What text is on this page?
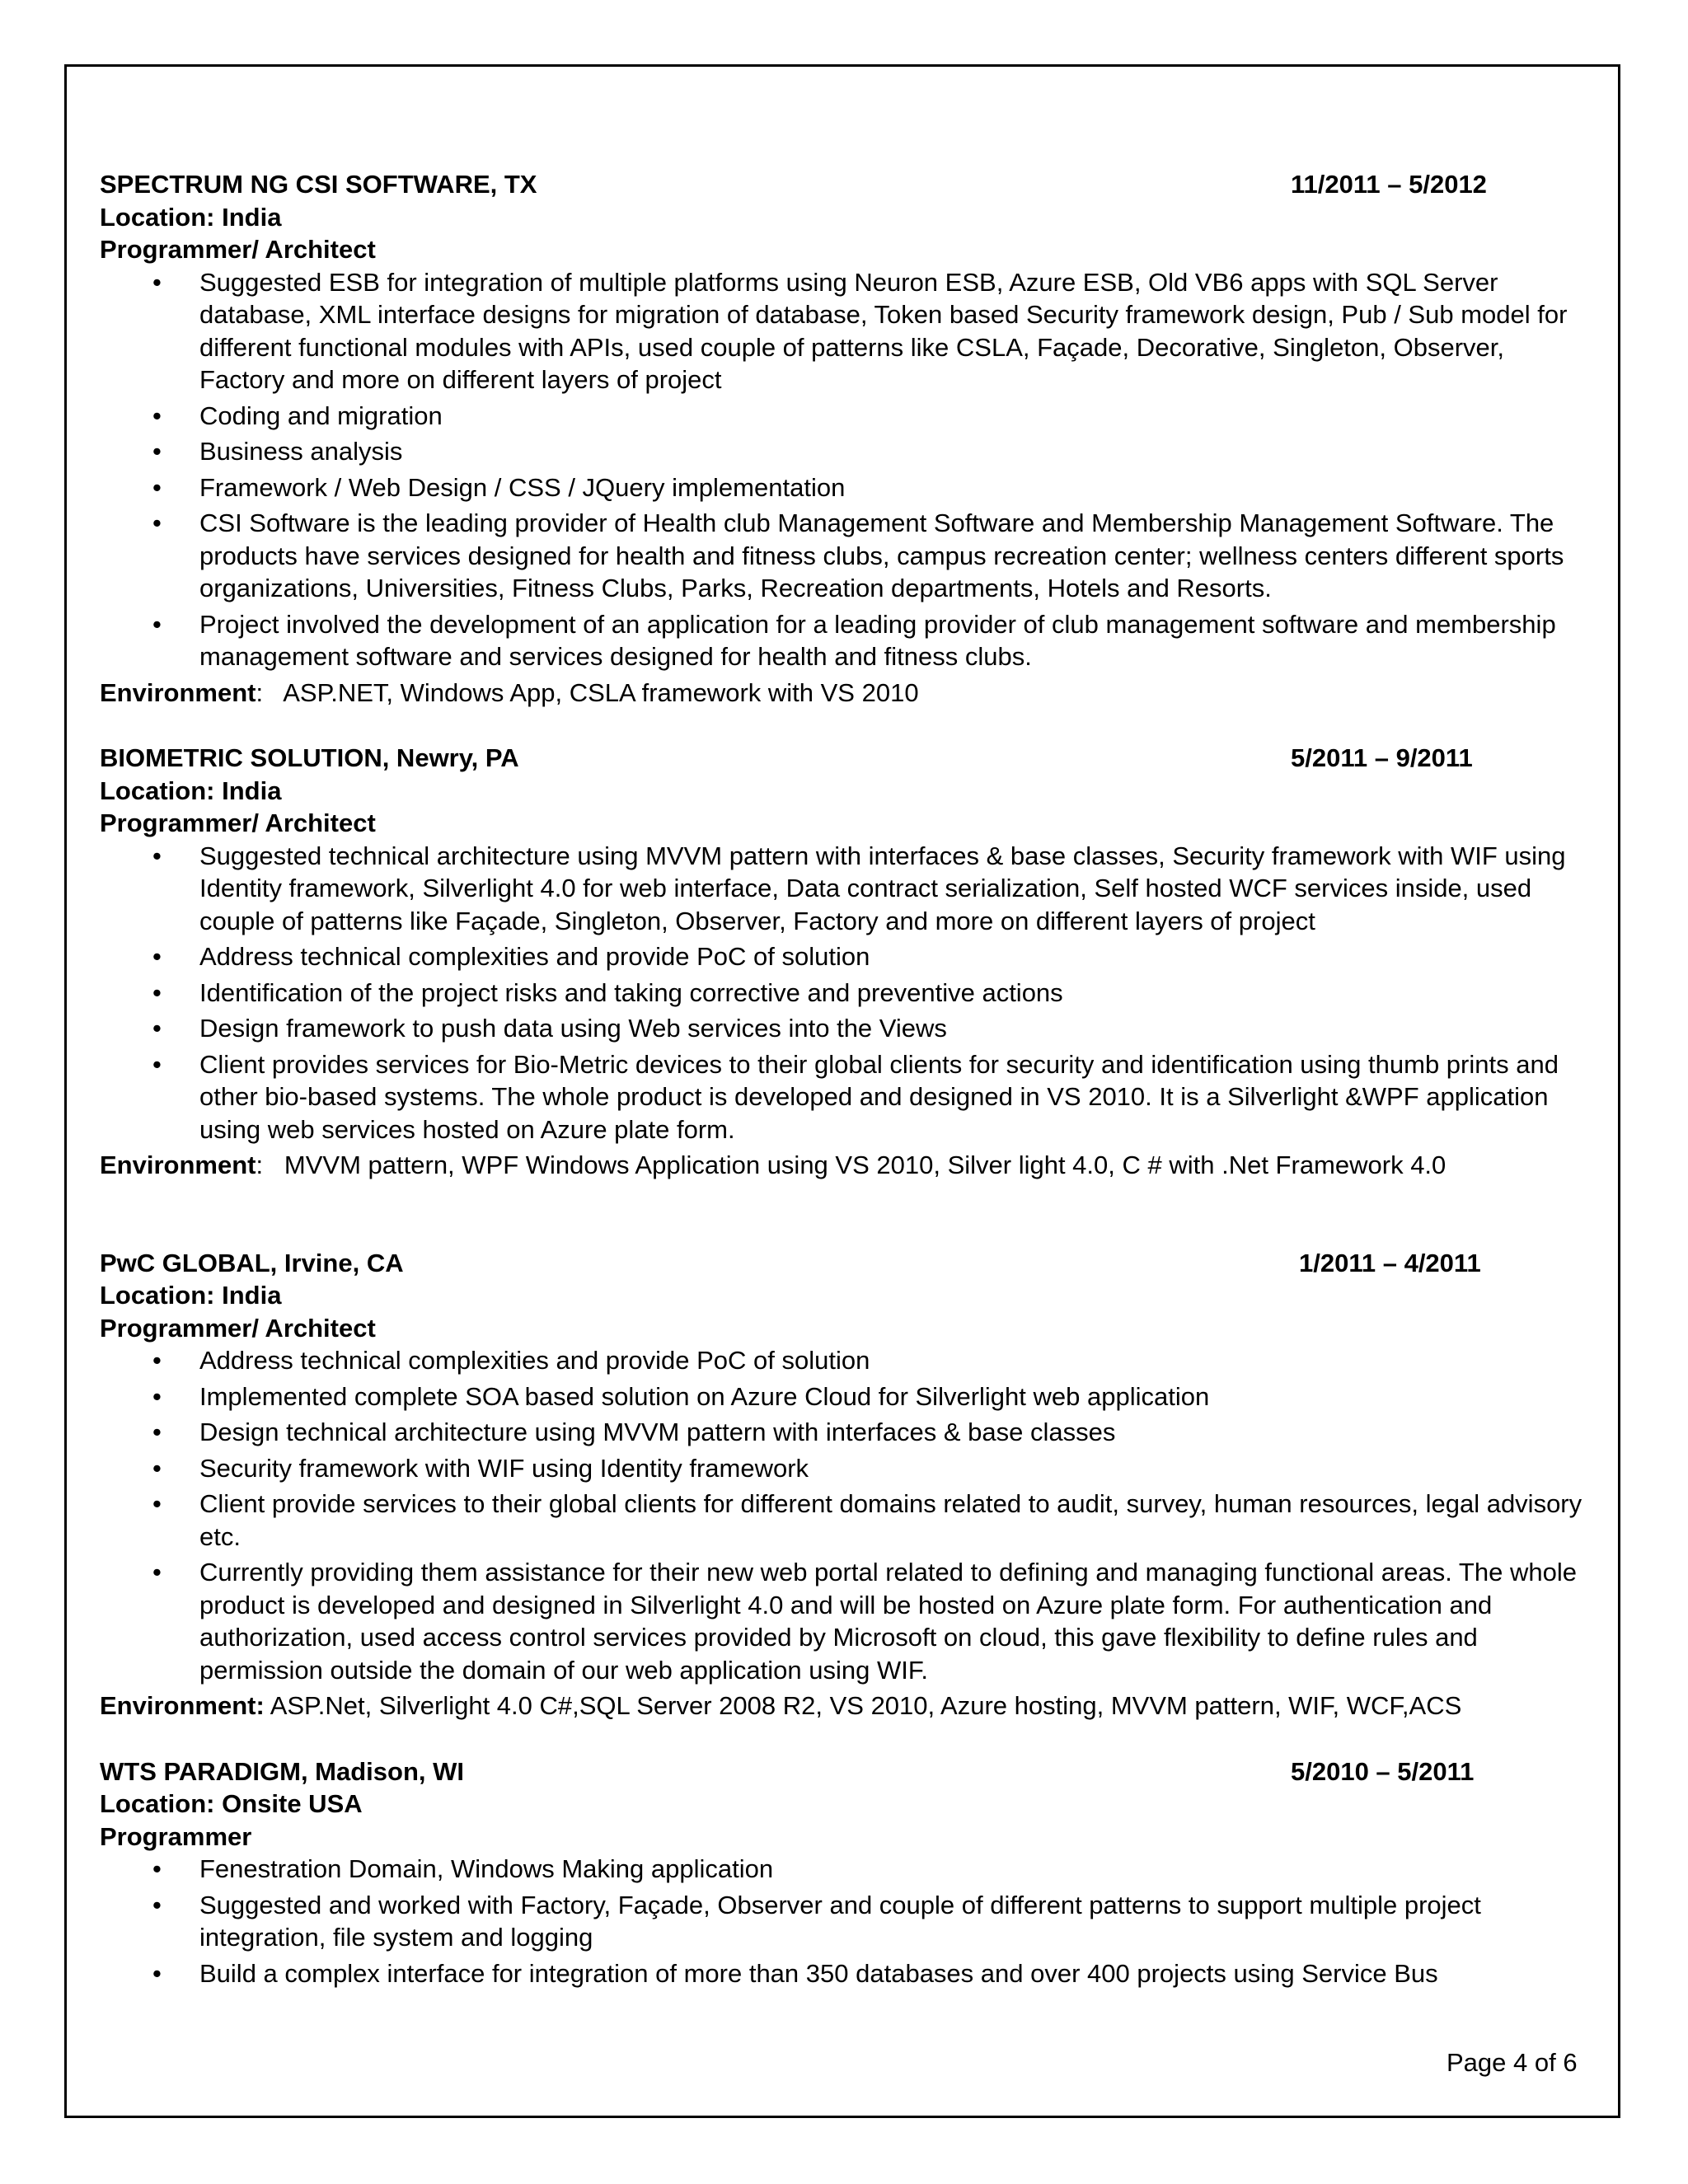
SPECTRUM NG CSI SOFTWARE, TX	11/2011 – 5/2012
Location: India
Programmer/ Architect
• Suggested ESB for integration of multiple platforms using Neuron ESB, Azure ESB, Old VB6 apps with SQL Server database, XML interface designs for migration of database, Token based Security framework design, Pub / Sub model for different functional modules with APIs, used couple of patterns like CSLA, Façade, Decorative, Singleton, Observer, Factory and more on different layers of project
• Coding and migration
• Business analysis
• Framework / Web Design / CSS / JQuery implementation
• CSI Software is the leading provider of Health club Management Software and Membership Management Software. The products have services designed for health and fitness clubs, campus recreation center; wellness centers different sports organizations, Universities, Fitness Clubs, Parks, Recreation departments, Hotels and Resorts.
• Project involved the development of an application for a leading provider of club management software and membership management software and services designed for health and fitness clubs.
Environment:   ASP.NET, Windows App, CSLA framework with VS 2010
BIOMETRIC SOLUTION, Newry, PA	5/2011 – 9/2011
Location: India
Programmer/ Architect
• Suggested technical architecture using MVVM pattern with interfaces & base classes, Security framework with WIF using Identity framework, Silverlight 4.0 for web interface, Data contract serialization, Self hosted WCF services inside, used couple of patterns like Façade, Singleton, Observer, Factory and more on different layers of project
• Address technical complexities and provide PoC of solution
• Identification of the project risks and taking corrective and preventive actions
• Design framework to push data using Web services into the Views
• Client provides services for Bio-Metric devices to their global clients for security and identification using thumb prints and other bio-based systems. The whole product is developed and designed in VS 2010. It is a Silverlight &WPF application using web services hosted on Azure plate form.
Environment:   MVVM pattern, WPF Windows Application using VS 2010, Silver light 4.0, C # with .Net Framework 4.0
PwC GLOBAL, Irvine, CA	1/2011 – 4/2011
Location: India
Programmer/ Architect
• Address technical complexities and provide PoC of solution
• Implemented complete SOA based solution on Azure Cloud for Silverlight web application
• Design technical architecture using MVVM pattern with interfaces & base classes
• Security framework with WIF using Identity framework
• Client provide services to their global clients for different domains related to audit, survey, human resources, legal advisory etc.
• Currently providing them assistance for their new web portal related to defining and managing functional areas. The whole product is developed and designed in Silverlight 4.0 and will be hosted on Azure plate form. For authentication and authorization, used access control services provided by Microsoft on cloud, this gave flexibility to define rules and permission outside the domain of our web application using WIF.
Environment: ASP.Net, Silverlight 4.0 C#,SQL Server 2008 R2, VS 2010, Azure hosting, MVVM pattern, WIF, WCF,ACS
WTS PARADIGM, Madison, WI	5/2010 – 5/2011
Location: Onsite USA
Programmer
• Fenestration Domain, Windows Making application
• Suggested and worked with Factory, Façade, Observer and couple of different patterns to support multiple project integration, file system and logging
• Build a complex interface for integration of more than 350 databases and over 400 projects using Service Bus
Page 4 of 6
